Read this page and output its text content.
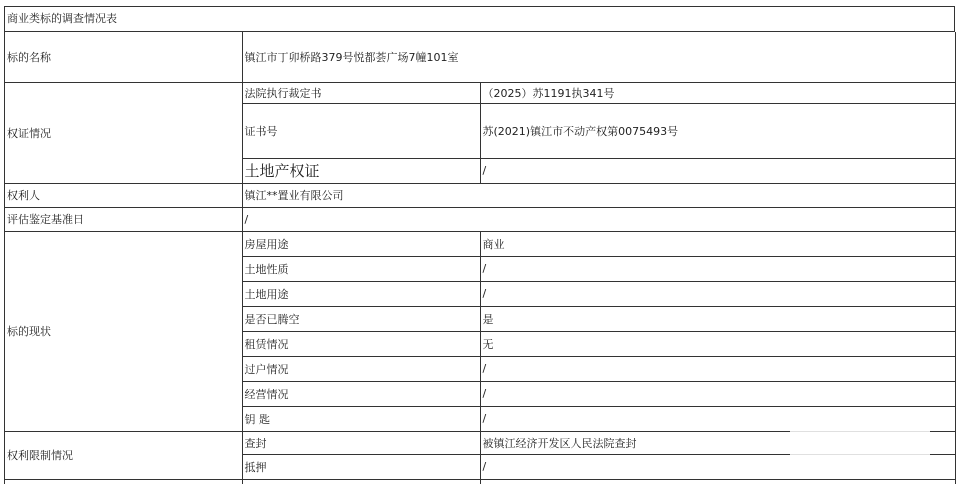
商业类标的调查情况表
标的名称	镇江市丁卯桥路379号悦都荟广场7幢101室	
权证情况	法院执行裁定书	（2025）苏1191执341号
	证书号	苏(2021)镇江市不动产权第0075493号
	土地产权证	/
权利人	镇江**置业有限公司	
评估鉴定基准日	/	
标的现状	房屋用途	商业
	土地性质	/
	土地用途	/
	是否已腾空	是
	租赁情况	无
	过户情况	/
	经营情况	/
	钥 匙	/
权利限制情况	查封	被镇江经济开发区人民法院查封
	抵押	/
